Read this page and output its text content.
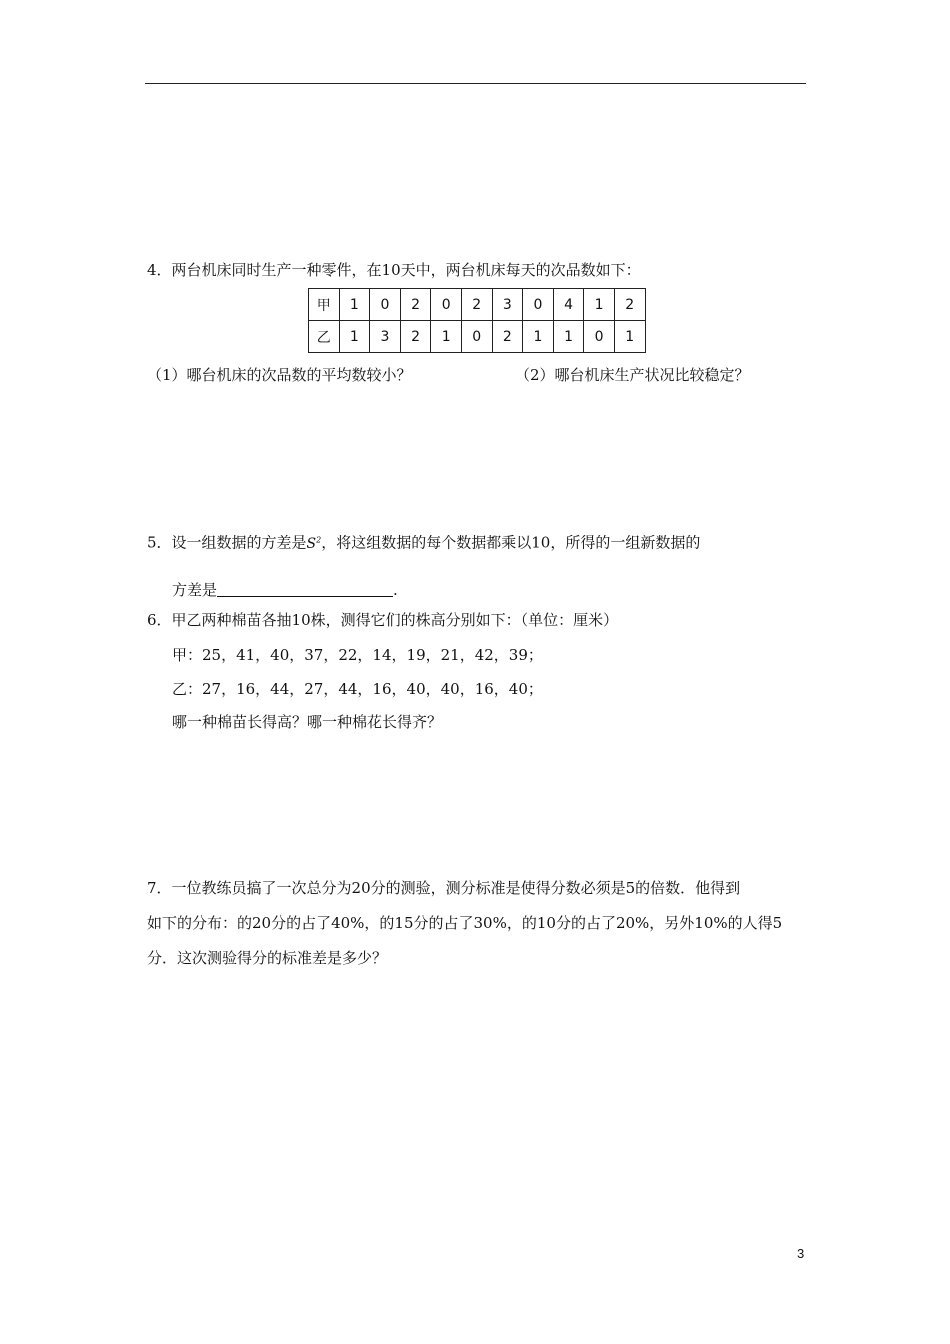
4．两台机床同时生产一种零件，在10天中，两台机床每天的次品数如下：
甲	1	0	2	0	2	3	0	4	1	2
乙	1	3	2	1	0	2	1	1	0	1
（1）哪台机床的次品数的平均数较小？	（2）哪台机床生产状况比较稳定？
5．设一组数据的方差是$S^2$，将这组数据的每个数据都乘以10，所得的一组新数据的
方差是	.
6．甲乙两种棉苗各抽10株，测得它们的株高分别如下：（单位：厘米）
甲：25，41，40，37，22，14，19，21，42，39；
乙：27，16，44，27，44，16，40，40，16，40；
哪一种棉苗长得高？哪一种棉花长得齐？
7．一位教练员搞了一次总分为20分的测验，测分标准是使得分数必须是5的倍数．他得到
如下的分布：的20分的占了40%，的15分的占了30%，的10分的占了20%，另外10%的人得5
分．这次测验得分的标准差是多少？
3
